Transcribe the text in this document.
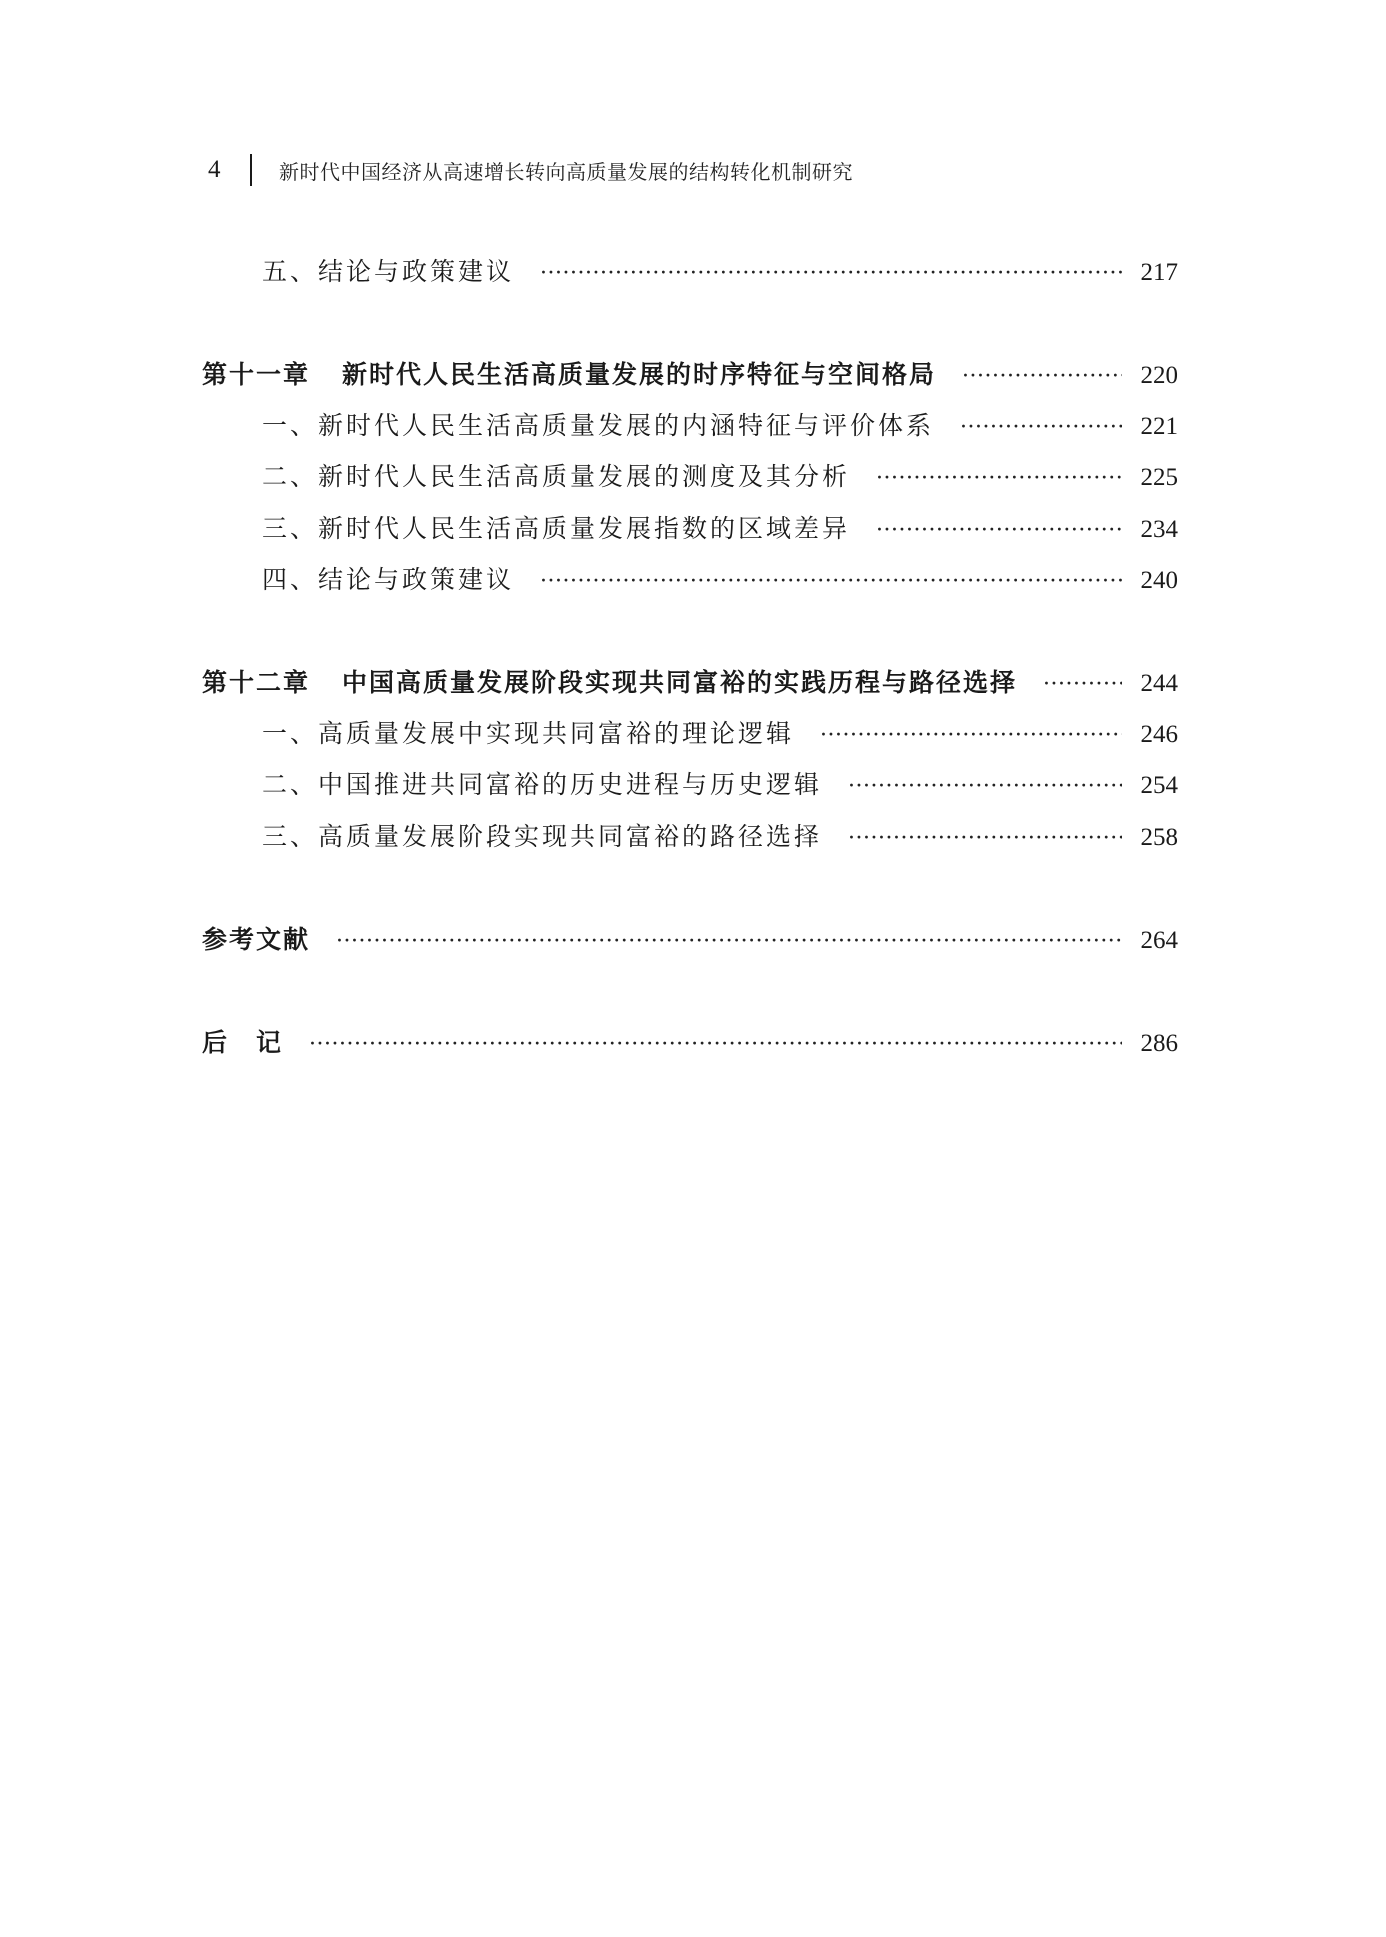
4	新时代中国经济从高速增长转向高质量发展的结构转化机制研究
五、结论与政策建议 ·····	217
第十一章 新时代人民生活高质量发展的时序特征与空间格局 ·····	220
一、新时代人民生活高质量发展的内涵特征与评价体系 ·····	221
二、新时代人民生活高质量发展的测度及其分析 ·····	225
三、新时代人民生活高质量发展指数的区域差异 ·····	234
四、结论与政策建议 ·····	240
第十二章 中国高质量发展阶段实现共同富裕的实践历程与路径选择 ·····	244
一、高质量发展中实现共同富裕的理论逻辑 ·····	246
二、中国推进共同富裕的历史进程与历史逻辑 ·····	254
三、高质量发展阶段实现共同富裕的路径选择 ·····	258
参考文献 ·····	264
后　记 ·····	286
